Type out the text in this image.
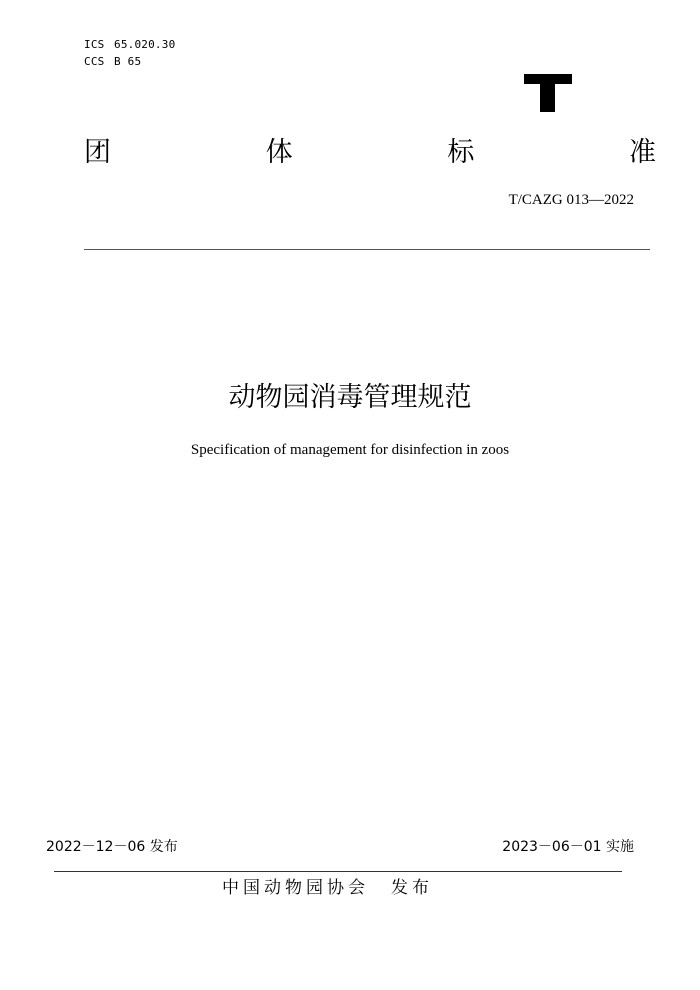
ICS 65.020.30
CCS B 65
团	体	标	准
T/CAZG 013—2022
动物园消毒管理规范
Specification of management for disinfection in zoos
2022－12－06 发布	2023－06－01 实施
中国动物园协会 发布
